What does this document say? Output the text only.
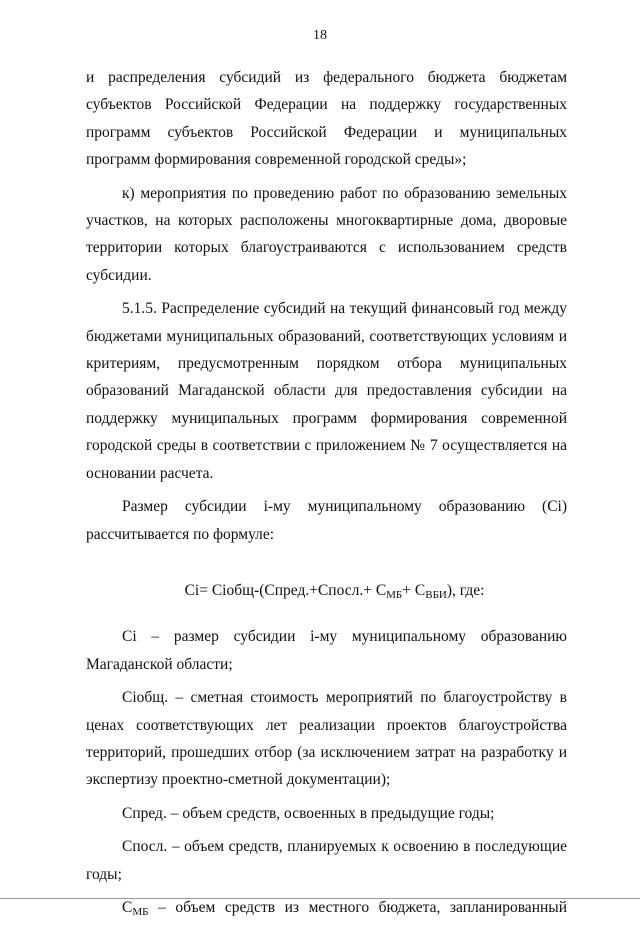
18

и распределения субсидий из федерального бюджета бюджетам субъектов Российской Федерации на поддержку государственных программ субъектов Российской Федерации и муниципальных программ формирования современной городской среды»;

к) мероприятия по проведению работ по образованию земельных участков, на которых расположены многоквартирные дома, дворовые территории которых благоустраиваются с использованием средств субсидии.

5.1.5. Распределение субсидий на текущий финансовый год между бюджетами муниципальных образований, соответствующих условиям и критериям, предусмотренным порядком отбора муниципальных образований Магаданской области для предоставления субсидии на поддержку муниципальных программ формирования современной городской среды в соответствии с приложением № 7 осуществляется на основании расчета.

Размер субсидии i-му муниципальному образованию (Ci) рассчитывается по формуле:

Ci= Ciобщ-(Спред.+Спосл.+ $С_{МБ}+ С_{ВБИ}$), где:

Ci – размер субсидии i-му муниципальному образованию Магаданской области;

Сiобщ. – сметная стоимость мероприятий по благоустройству в ценах соответствующих лет реализации проектов благоустройства территорий, прошедших отбор (за исключением затрат на разработку и экспертизу проектно-сметной документации);

Спред. – объем средств, освоенных в предыдущие годы;

Спосл. – объем средств, планируемых к освоению в последующие годы;

$С_{МБ}$ – объем средств из местного бюджета, запланированный
